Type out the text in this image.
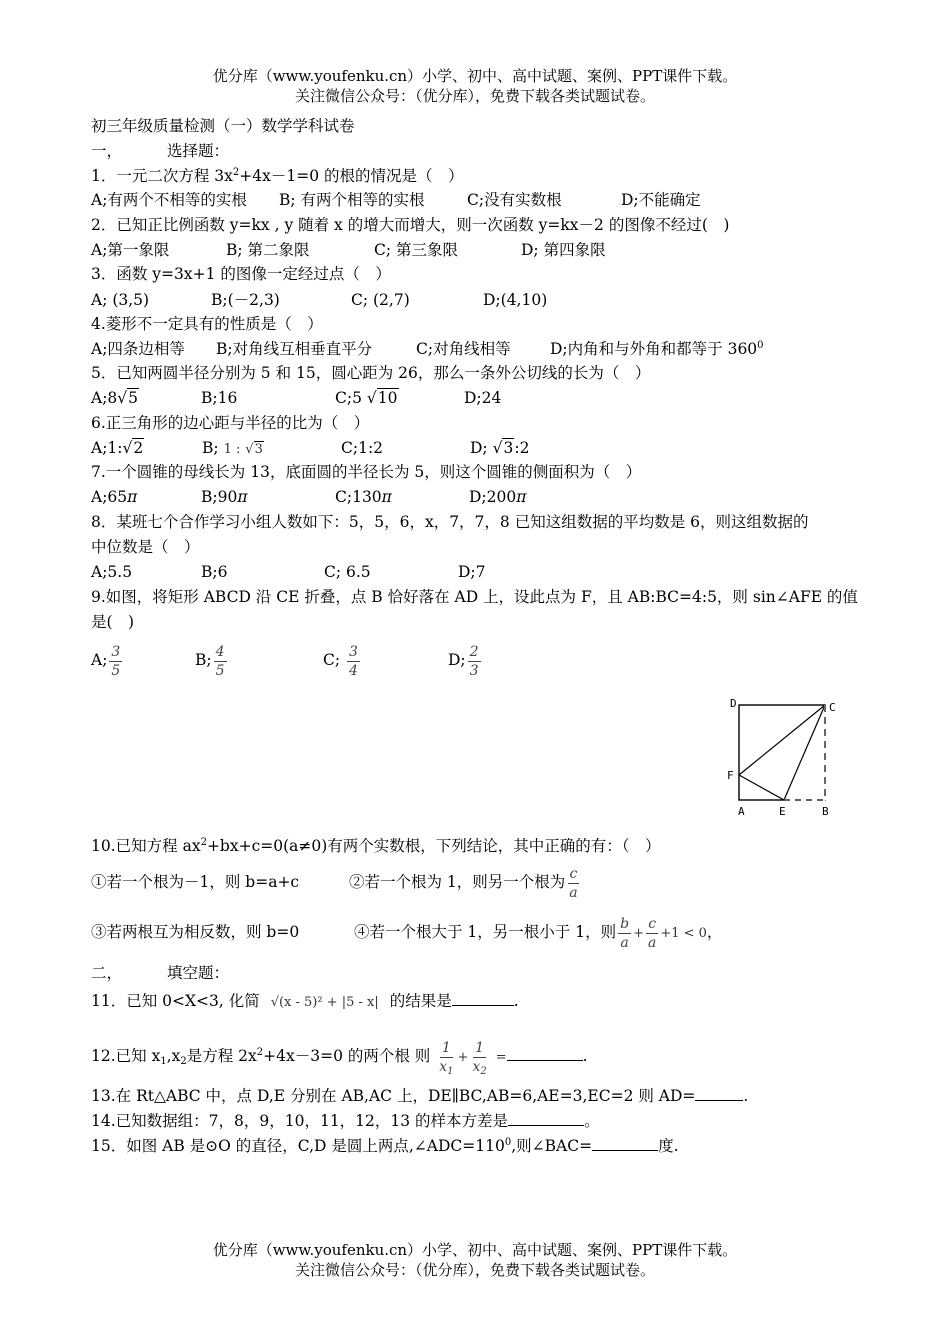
优分库（www.youfenku.cn）小学、初中、高中试题、案例、PPT课件下载。
关注微信公众号：（优分库），免费下载各类试题试卷。
初三年级质量检测（一）数学学科试卷
一，	选择题：
1．一元二次方程 $3x^2+4x-1=0$ 的根的情况是（　）
A;有两个不相等的实根 B; 有两个相等的实根	C;没有实数根	D;不能确定
2．已知正比例函数 y=kx , y 随着 x 的增大而增大，则一次函数 y=kx－2 的图像不经过(　)
A;第一象限	B; 第二象限	C; 第三象限	D; 第四象限
3．函数 y=3x+1 的图像一定经过点（　）
A; (3,5)	B;(－2,3)	C; (2,7)	D;(4,10)
4.菱形不一定具有的性质是（　）
A;四条边相等 B;对角线互相垂直平分	C;对角线相等	D;内角和与外角和都等于 $360^0$
5．已知两圆半径分别为 5 和 15，圆心距为 26，那么一条外公切线的长为（　）
A;8√5	B;16	C;5 √10	D;24
6.正三角形的边心距与半径的比为（　）
A;1:√2	B; 1 : √3	C;1:2	D; √3:2
7.一个圆锥的母线长为 13，底面圆的半径长为 5，则这个圆锥的侧面积为（　）
A;65π	B;90π	C;130π	D;200π
8．某班七个合作学习小组人数如下：5，5，6，x，7，7，8 已知这组数据的平均数是 6，则这组数据的
中位数是（　）
A;5.5	B;6	C; 6.5	D;7
9.如图，将矩形 ABCD 沿 CE 折叠，点 B 恰好落在 AD 上，设此点为 F，且 AB:BC=4:5，则 sin∠AFE 的值
是(　)
A; $\frac{3}{5}$	B; $\frac{4}{5}$	C; $\frac{3}{4}$	D; $\frac{2}{3}$
D	C
F
A	E	B
10.已知方程 $ax^2+bx+c=0(a\ne 0)$有两个实数根，下列结论，其中正确的有：（　）
①若一个根为－1，则 b=a+c	②若一个根为 1，则另一个根为 $\frac{c}{a}$
③若两根互为相反数，则 b=0	④若一个根大于 1，另一根小于 1，则 $\frac{b}{a} + \frac{c}{a} +1 < 0$，
二，	填空题：
11．已知 0<X<3, 化简 √(x - 5)² + |5 - x| 的结果是	.
12.已知 $x_1,x_2$是方程 $2x^2+4x-3=0$ 的两个根 则 $\frac{1}{x_1} + \frac{1}{x_2}$ =	.
13.在 Rt△ABC 中，点 D,E 分别在 AB,AC 上，DE∥BC,AB=6,AE=3,EC=2 则 AD=	.
14.已知数据组：7，8，9，10，11，12，13 的样本方差是	。
15．如图 AB 是⊙O 的直径，C,D 是圆上两点$,\angle ADC=110^0$,则∠BAC=	度.
优分库（www.youfenku.cn）小学、初中、高中试题、案例、PPT课件下载。
关注微信公众号：（优分库），免费下载各类试题试卷。
